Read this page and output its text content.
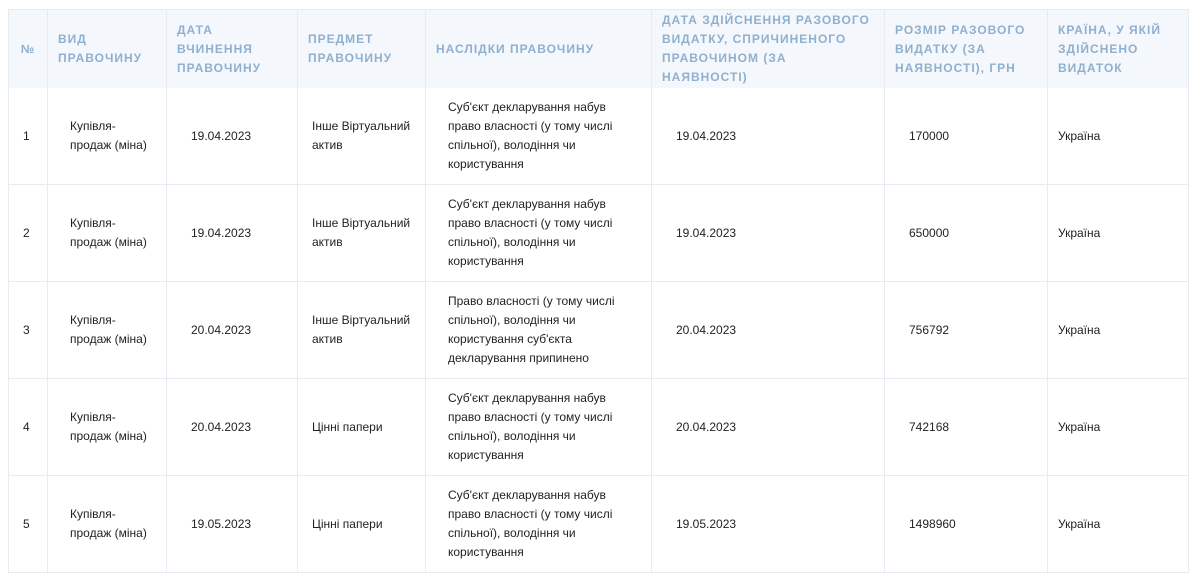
№	ВИД ПРАВОЧИНУ	ДАТА ВЧИНЕННЯ ПРАВОЧИНУ	ПРЕДМЕТ ПРАВОЧИНУ	НАСЛІДКИ ПРАВОЧИНУ	ДАТА ЗДІЙСНЕННЯ РАЗОВОГО ВИДАТКУ, СПРИЧИНЕНОГО ПРАВОЧИНОМ (ЗА НАЯВНОСТІ)	РОЗМІР РАЗОВОГО ВИДАТКУ (ЗА НАЯВНОСТІ), ГРН	КРАЇНА, У ЯКІЙ ЗДІЙСНЕНО ВИДАТОК
1	Купівля-продаж (міна)	19.04.2023	Інше Віртуальний актив	Суб'єкт декларування набув право власності (у тому числі спільної), володіння чи користування	19.04.2023	170000	Україна
2	Купівля-продаж (міна)	19.04.2023	Інше Віртуальний актив	Суб'єкт декларування набув право власності (у тому числі спільної), володіння чи користування	19.04.2023	650000	Україна
3	Купівля-продаж (міна)	20.04.2023	Інше Віртуальний актив	Право власності (у тому числі спільної), володіння чи користування суб'єкта декларування припинено	20.04.2023	756792	Україна
4	Купівля-продаж (міна)	20.04.2023	Цінні папери	Суб'єкт декларування набув право власності (у тому числі спільної), володіння чи користування	20.04.2023	742168	Україна
5	Купівля-продаж (міна)	19.05.2023	Цінні папери	Суб'єкт декларування набув право власності (у тому числі спільної), володіння чи користування	19.05.2023	1498960	Україна
